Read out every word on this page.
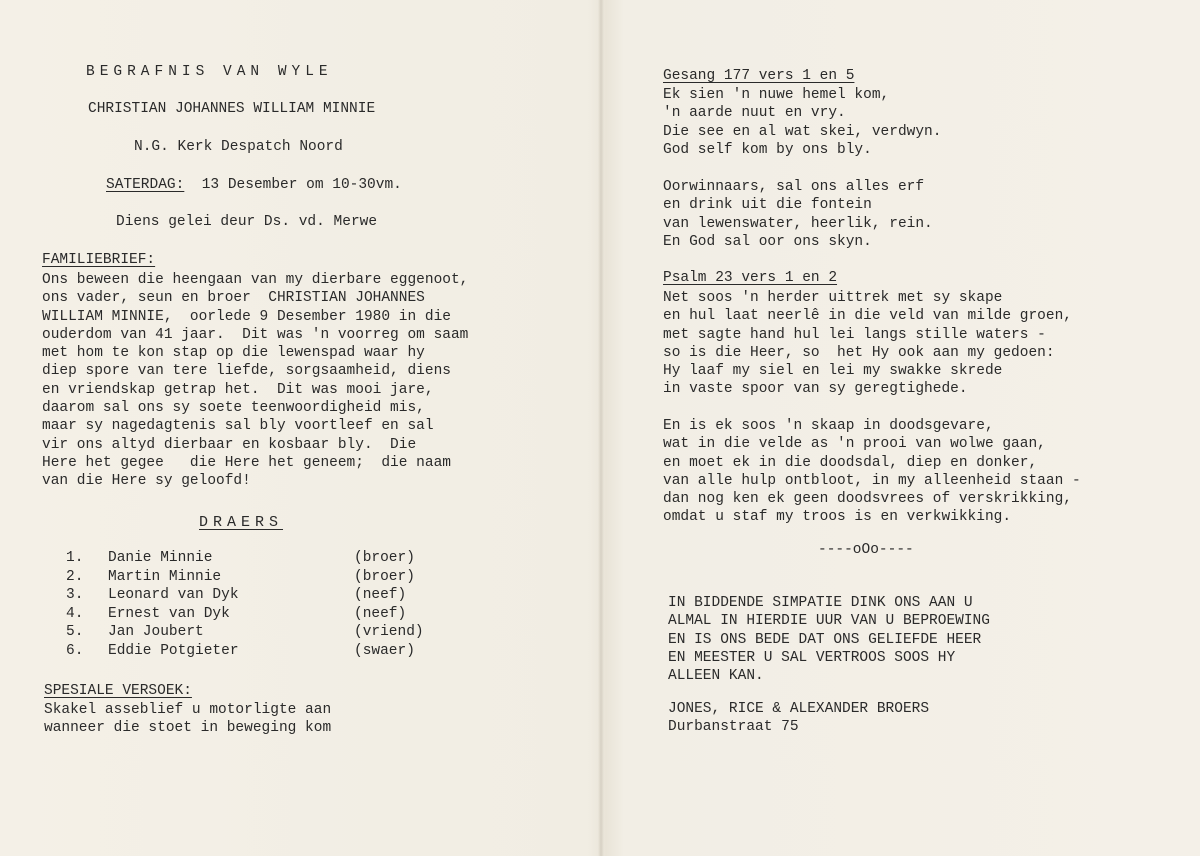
BEGRAFNIS VAN WYLE
CHRISTIAN JOHANNES WILLIAM MINNIE
N.G. Kerk Despatch Noord
SATERDAG: 13 Desember om 10-30vm.
Diens gelei deur Ds. vd. Merwe
FAMILIEBRIEF:
Ons beween die heengaan van my dierbare eggenoot,
ons vader, seun en broer  CHRISTIAN JOHANNES
WILLIAM MINNIE,  oorlede 9 Desember 1980 in die
ouderdom van 41 jaar.  Dit was 'n voorreg om saam
met hom te kon stap op die lewenspad waar hy
diep spore van tere liefde, sorgsaamheid, diens
en vriendskap getrap het.  Dit was mooi jare,
daarom sal ons sy soete teenwoordigheid mis,
maar sy nagedagtenis sal bly voortleef en sal
vir ons altyd dierbaar en kosbaar bly.  Die
Here het gegee   die Here het geneem;  die naam
van die Here sy geloofd!
DRAERS
1.	Danie Minnie	(broer)
2.	Martin Minnie	(broer)
3.	Leonard van Dyk	(neef)
4.	Ernest van Dyk	(neef)
5.	Jan Joubert	(vriend)
6.	Eddie Potgieter	(swaer)
SPESIALE VERSOEK:
Skakel asseblief u motorligte aan
wanneer die stoet in beweging kom
Gesang 177 vers 1 en 5
Ek sien 'n nuwe hemel kom,
'n aarde nuut en vry.
Die see en al wat skei, verdwyn.
God self kom by ons bly.
Oorwinnaars, sal ons alles erf
en drink uit die fontein
van lewenswater, heerlik, rein.
En God sal oor ons skyn.
Psalm 23 vers 1 en 2
Net soos 'n herder uittrek met sy skape
en hul laat neerlê in die veld van milde groen,
met sagte hand hul lei langs stille waters -
so is die Heer, so  het Hy ook aan my gedoen:
Hy laaf my siel en lei my swakke skrede
in vaste spoor van sy geregtighede.
En is ek soos 'n skaap in doodsgevare,
wat in die velde as 'n prooi van wolwe gaan,
en moet ek in die doodsdal, diep en donker,
van alle hulp ontbloot, in my alleenheid staan -
dan nog ken ek geen doodsvrees of verskrikking,
omdat u staf my troos is en verkwikking.
----oOo----
IN BIDDENDE SIMPATIE DINK ONS AAN U
ALMAL IN HIERDIE UUR VAN U BEPROEWING
EN IS ONS BEDE DAT ONS GELIEFDE HEER
EN MEESTER U SAL VERTROOS SOOS HY
ALLEEN KAN.
JONES, RICE & ALEXANDER BROERS
Durbanstraat 75
